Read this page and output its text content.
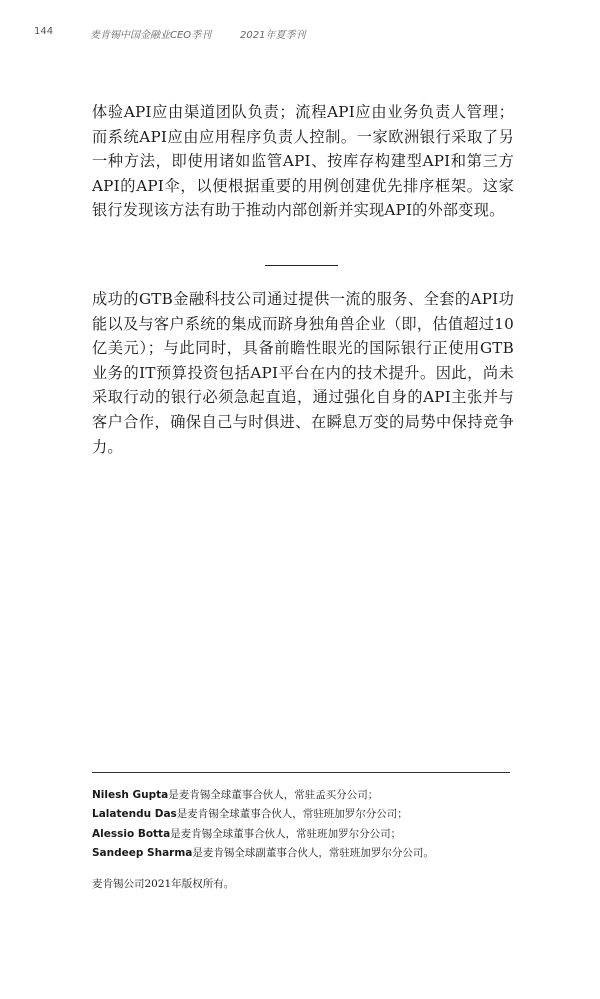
144	麦肯锡中国金融业CEO季刊	2021年夏季刊

体验API应由渠道团队负责；流程API应由业务负责人管理；而系统API应由应用程序负责人控制。一家欧洲银行采取了另一种方法，即使用诸如监管API、按库存构建型API和第三方API的API伞，以便根据重要的用例创建优先排序框架。这家银行发现该方法有助于推动内部创新并实现API的外部变现。

成功的GTB金融科技公司通过提供一流的服务、全套的API功能以及与客户系统的集成而跻身独角兽企业（即，估值超过10亿美元）；与此同时，具备前瞻性眼光的国际银行正使用GTB业务的IT预算投资包括API平台在内的技术提升。因此，尚未采取行动的银行必须急起直追，通过强化自身的API主张并与客户合作，确保自己与时俱进、在瞬息万变的局势中保持竞争力。

Nilesh Gupta是麦肯锡全球董事合伙人，常驻孟买分公司；
Lalatendu Das是麦肯锡全球董事合伙人，常驻班加罗尔分公司；
Alessio Botta是麦肯锡全球董事合伙人，常驻班加罗尔分公司；
Sandeep Sharma是麦肯锡全球副董事合伙人，常驻班加罗尔分公司。
麦肯锡公司2021年版权所有。
